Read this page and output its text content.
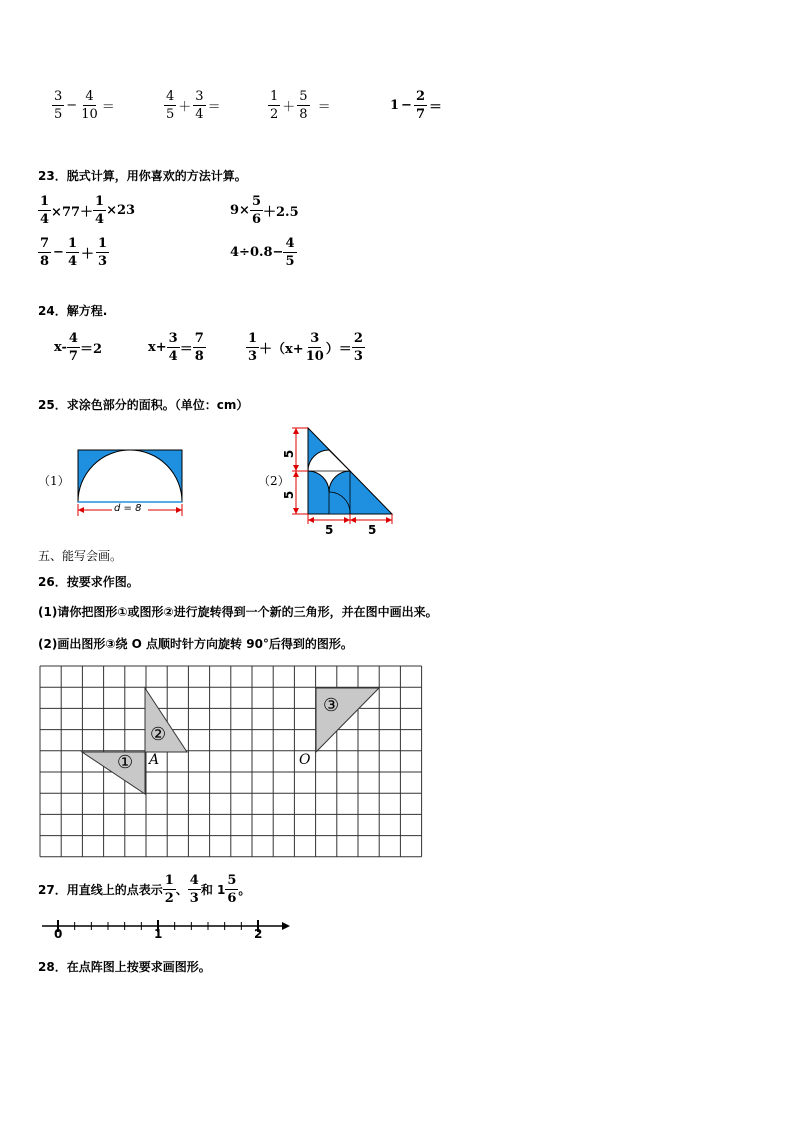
$\frac{3}{5} - \frac{4}{10}$ ＝	$\frac{4}{5} + \frac{3}{4}$ ＝	$\frac{1}{2} + \frac{5}{8}$ ＝	$1 - \frac{2}{7}$ ＝
23．脱式计算，用你喜欢的方法计算。
$\frac{1}{4} \times 77+ \frac{1}{4} \times 23$	$9\times \frac{5}{6} +2.5$
$\frac{7}{8} - \frac{1}{4} + \frac{1}{3}$	$4\div 0.8- \frac{4}{5}$
24．解方程.
$x- \frac{4}{7} =2$	$x+ \frac{3}{4} = \frac{7}{8}$	$\frac{1}{3} +(x+ \frac{3}{10}$ ）＝ $\frac{2}{3}$
25．求涂色部分的面积。（单位：cm）
（1）
d = 8
（2）
5
5
5	5
五、能写会画。
26．按要求作图。
(1)请你把图形①或图形②进行旋转得到一个新的三角形，并在图中画出来。
(2)画出图形③绕 O 点顺时针方向旋转 90°后得到的图形。
①
②
③
A	O
27．用直线上的点表示 $\frac{1}{2}$ 、 $\frac{4}{3}$ 和 $1 \frac{5}{6}$ 。
0	1	2
28．在点阵图上按要求画图形。
